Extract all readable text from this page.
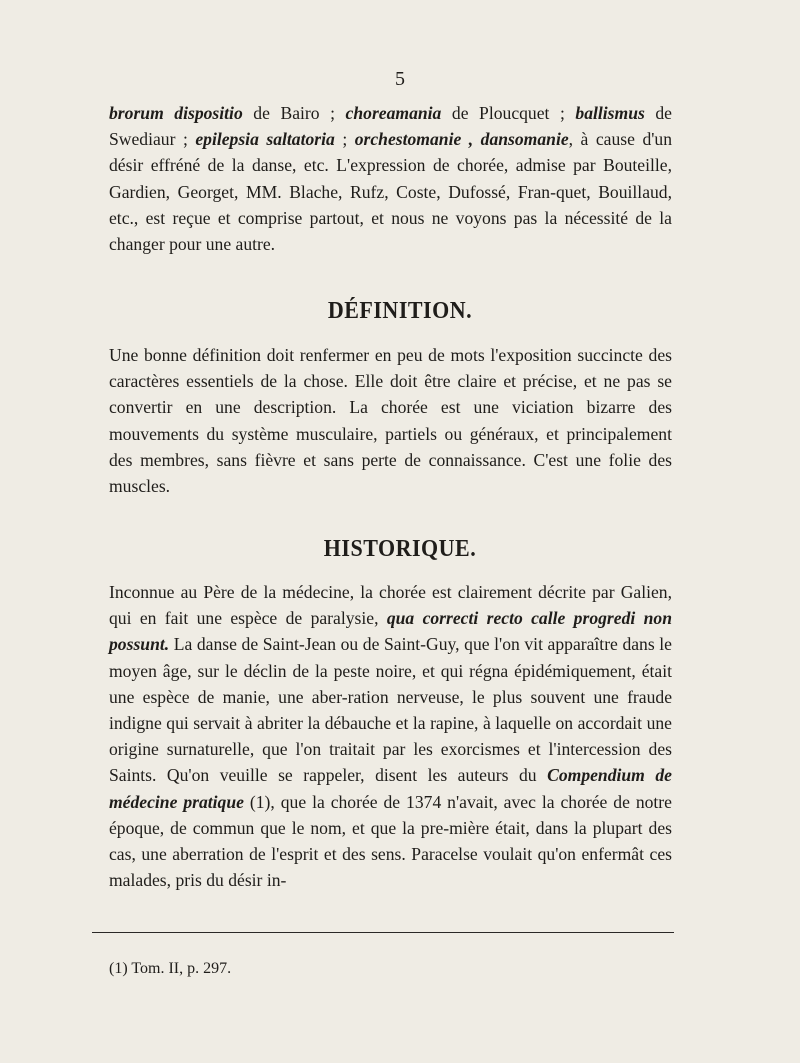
5

brorum dispositio de Bairo ; choreamania de Ploucquet ; ballismus de Swediaur ; epilepsia saltatoria ; orchestomanie , dansomanie, à cause d'un désir effréné de la danse, etc. L'expression de chorée, admise par Bouteille, Gardien, Georget, MM. Blache, Rufz, Coste, Dufossé, Fran-quet, Bouillaud, etc., est reçue et comprise partout, et nous ne voyons pas la nécessité de la changer pour une autre.

DÉFINITION.

Une bonne définition doit renfermer en peu de mots l'exposition succincte des caractères essentiels de la chose. Elle doit être claire et précise, et ne pas se convertir en une description. La chorée est une viciation bizarre des mouvements du système musculaire, partiels ou généraux, et principalement des membres, sans fièvre et sans perte de connaissance. C'est une folie des muscles.

HISTORIQUE.

Inconnue au Père de la médecine, la chorée est clairement décrite par Galien, qui en fait une espèce de paralysie, qua correcti recto calle progredi non possunt. La danse de Saint-Jean ou de Saint-Guy, que l'on vit apparaître dans le moyen âge, sur le déclin de la peste noire, et qui régna épidémiquement, était une espèce de manie, une aber-ration nerveuse, le plus souvent une fraude indigne qui servait à abriter la débauche et la rapine, à laquelle on accordait une origine surnaturelle, que l'on traitait par les exorcismes et l'intercession des Saints. Qu'on veuille se rappeler, disent les auteurs du Compendium de médecine pratique (1), que la chorée de 1374 n'avait, avec la chorée de notre époque, de commun que le nom, et que la pre-mière était, dans la plupart des cas, une aberration de l'esprit et des sens. Paracelse voulait qu'on enfermât ces malades, pris du désir in-

(1) Tom. II, p. 297.
